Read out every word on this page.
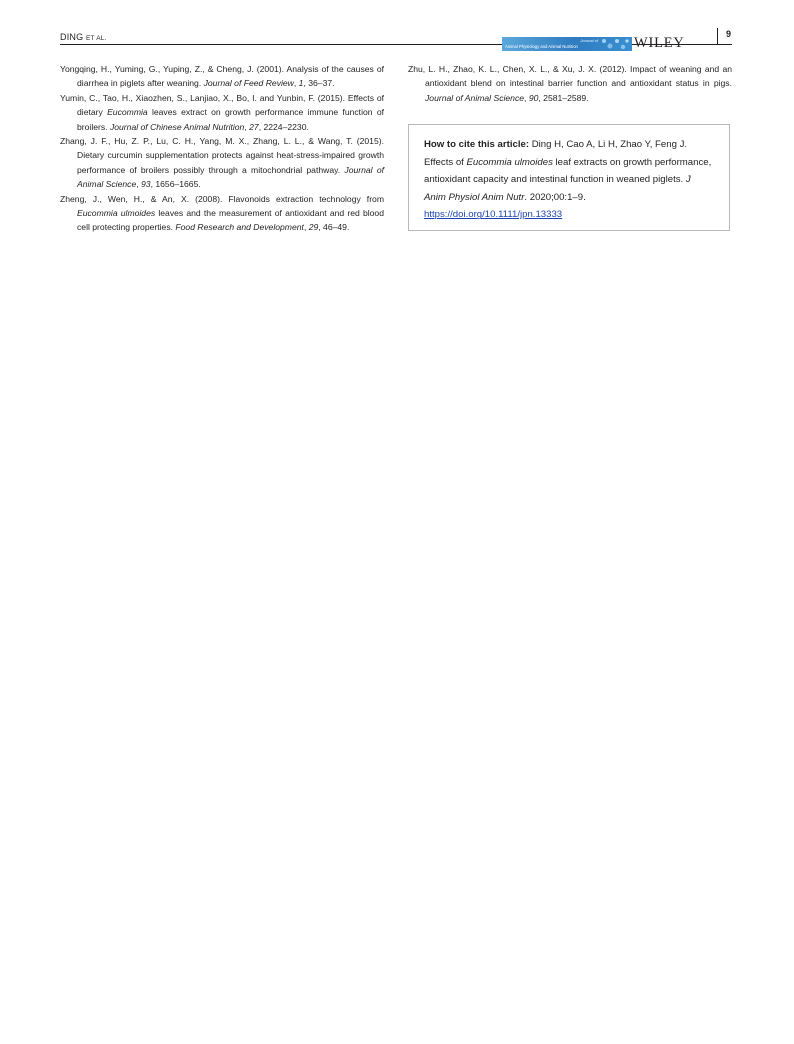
DING ET AL.	Journal of
Animal Physiology and Animal Nutrition	WILEY
9

Yongqing, H., Yuming, G., Yuping, Z., & Cheng, J. (2001). Analysis of the causes of diarrhea in piglets after weaning. Journal of Feed Review, 1, 36–37.

Yumin, C., Tao, H., Xiaozhen, S., Lanjiao, X., Bo, I. and Yunbin, F. (2015). Effects of dietary Eucommia leaves extract on growth performance immune function of broilers. Journal of Chinese Animal Nutrition, 27, 2224–2230.

Zhang, J. F., Hu, Z. P., Lu, C. H., Yang, M. X., Zhang, L. L., & Wang, T. (2015). Dietary curcumin supplementation protects against heat-stress-impaired growth performance of broilers possibly through a mitochondrial pathway. Journal of Animal Science, 93, 1656–1665.

Zheng, J., Wen, H., & An, X. (2008). Flavonoids extraction technology from Eucommia ulmoides leaves and the measurement of antioxidant and red blood cell protecting properties. Food Research and Development, 29, 46–49.

Zhu, L. H., Zhao, K. L., Chen, X. L., & Xu, J. X. (2012). Impact of weaning and an antioxidant blend on intestinal barrier function and antioxidant status in pigs. Journal of Animal Science, 90, 2581–2589.

How to cite this article: Ding H, Cao A, Li H, Zhao Y, Feng J. Effects of Eucommia ulmoides leaf extracts on growth performance, antioxidant capacity and intestinal function in weaned piglets. J Anim Physiol Anim Nutr. 2020;00:1–9.
https://doi.org/10.1111/jpn.13333
